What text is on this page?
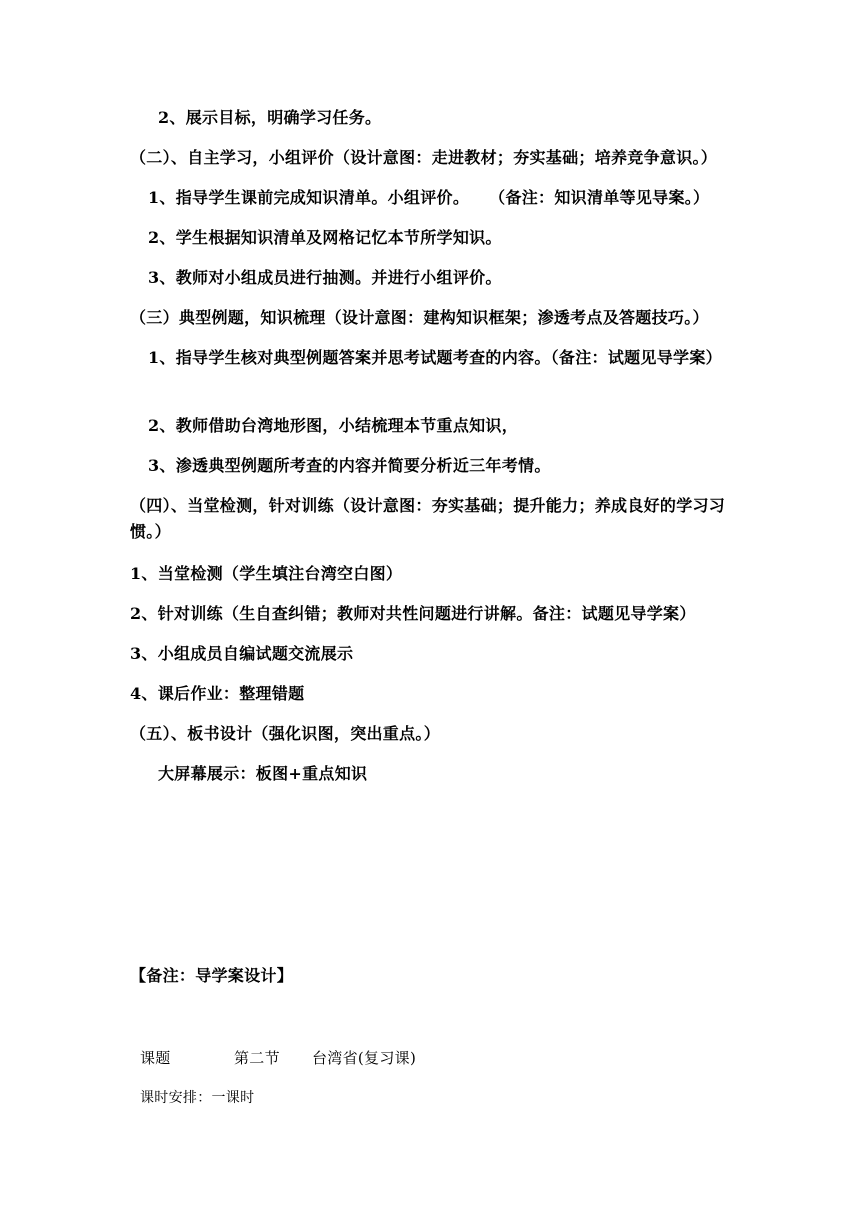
2、展示目标，明确学习任务。
（二）、自主学习，小组评价（设计意图：走进教材；夯实基础；培养竞争意识。）
1、指导学生课前完成知识清单。小组评价。 （备注：知识清单等见导案。）
2、学生根据知识清单及网格记忆本节所学知识。
3、教师对小组成员进行抽测。并进行小组评价。
（三）典型例题，知识梳理（设计意图：建构知识框架；渗透考点及答题技巧。）
1、指导学生核对典型例题答案并思考试题考查的内容。（备注：试题见导学案）
2、教师借助台湾地形图，小结梳理本节重点知识，
3、渗透典型例题所考查的内容并简要分析近三年考情。
（四）、当堂检测，针对训练（设计意图：夯实基础；提升能力；养成良好的学习习惯。）
1、当堂检测（学生填注台湾空白图）
2、针对训练（生自查纠错；教师对共性问题进行讲解。备注：试题见导学案）
3、小组成员自编试题交流展示
4、课后作业：整理错题
（五）、板书设计（强化识图，突出重点。）
大屏幕展示：板图+重点知识
【备注：导学案设计】
课题	第二节 台湾省(复习课)
课时安排：一课时
